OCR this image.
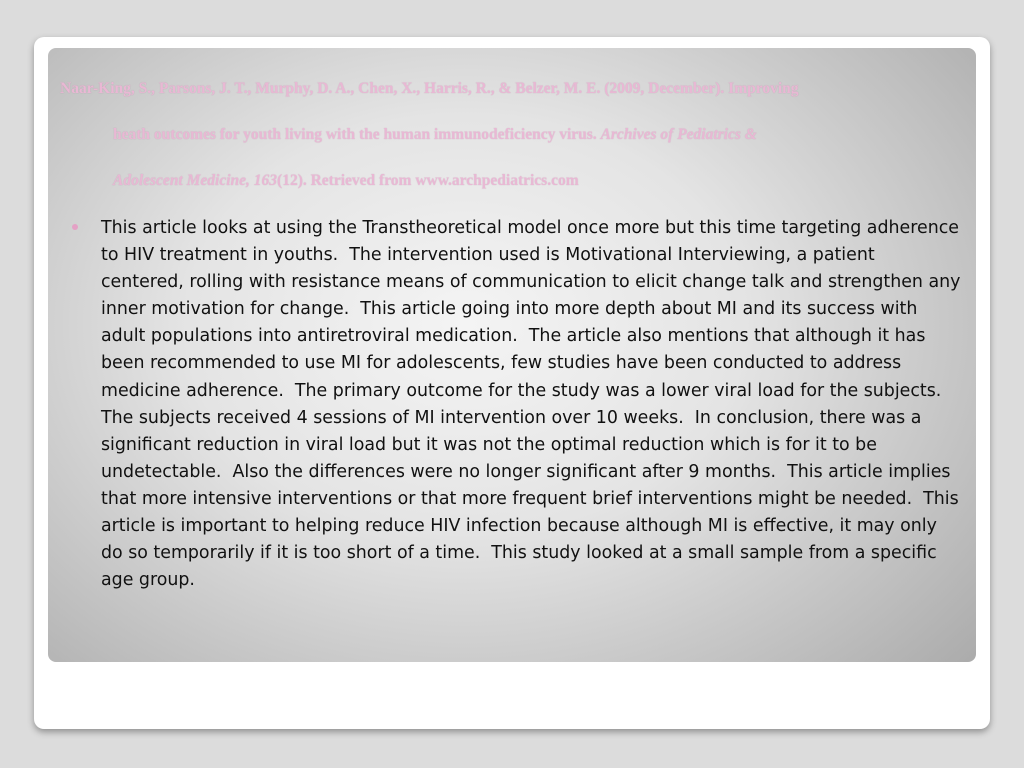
Naar-King, S., Parsons, J. T., Murphy, D. A., Chen, X., Harris, R., & Belzer, M. E. (2009, December). Improving
heath outcomes for youth living with the human immunodeficiency virus. Archives of Pediatrics &
Adolescent Medicine, 163(12). Retrieved from www.archpediatrics.com
This article looks at using the Transtheoretical model once more but this time targeting adherence to HIV treatment in youths.  The intervention used is Motivational Interviewing, a patient centered, rolling with resistance means of communication to elicit change talk and strengthen any inner motivation for change.  This article going into more depth about MI and its success with adult populations into antiretroviral medication.  The article also mentions that although it has been recommended to use MI for adolescents, few studies have been conducted to address medicine adherence.  The primary outcome for the study was a lower viral load for the subjects.  The subjects received 4 sessions of MI intervention over 10 weeks.  In conclusion, there was a significant reduction in viral load but it was not the optimal reduction which is for it to be undetectable.  Also the differences were no longer significant after 9 months.  This article implies that more intensive interventions or that more frequent brief interventions might be needed.  This article is important to helping reduce HIV infection because although MI is effective, it may only do so temporarily if it is too short of a time.  This study looked at a small sample from a specific age group.
